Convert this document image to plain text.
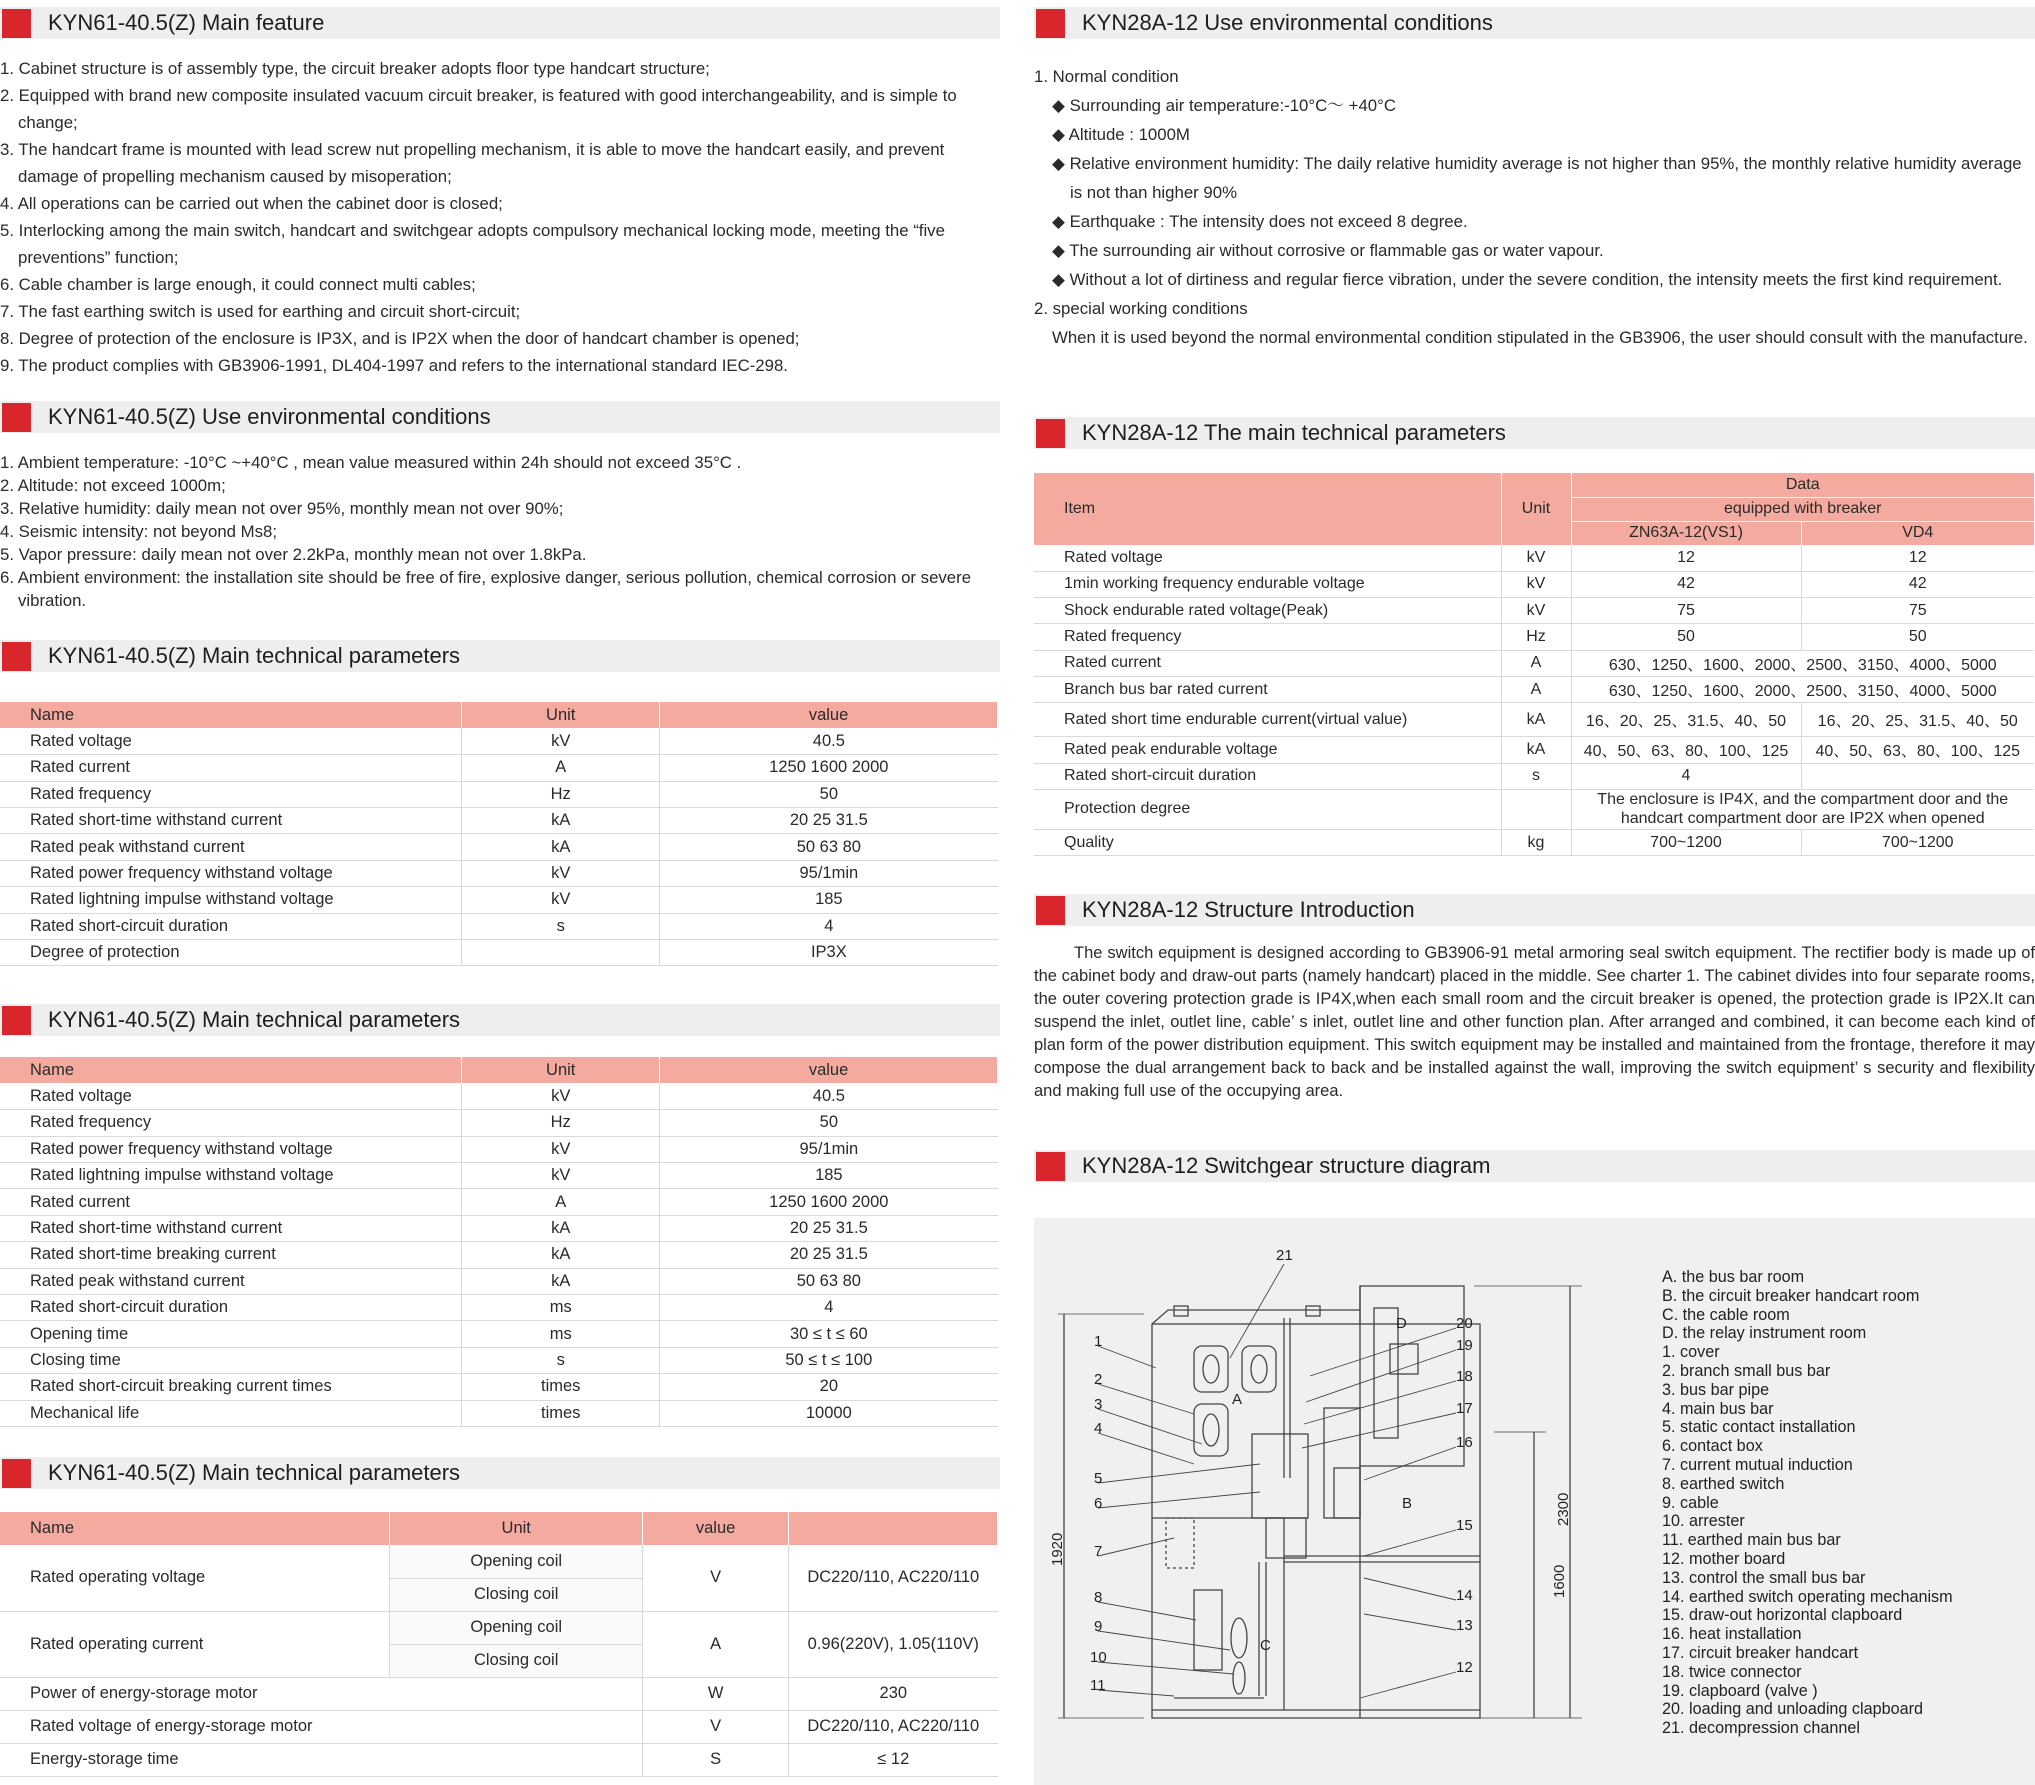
KYN61-40.5(Z) Main feature
1. Cabinet structure is of assembly type, the circuit breaker adopts floor type handcart structure;
2. Equipped with brand new composite insulated vacuum circuit breaker, is featured with good interchangeability, and is simple to change;
3. The handcart frame is mounted with lead screw nut propelling mechanism, it is able to move the handcart easily, and prevent damage of propelling mechanism caused by misoperation;
4. All operations can be carried out when the cabinet door is closed;
5. Interlocking among the main switch, handcart and switchgear adopts compulsory mechanical locking mode, meeting the “five preventions” function;
6. Cable chamber is large enough, it could connect multi cables;
7. The fast earthing switch is used for earthing and circuit short-circuit;
8. Degree of protection of the enclosure is IP3X, and is IP2X when the door of handcart chamber is opened;
9. The product complies with GB3906-1991, DL404-1997 and refers to the international standard IEC-298.
KYN61-40.5(Z) Use environmental conditions
1. Ambient temperature: -10°C ~+40°C , mean value measured within 24h should not exceed 35°C .
2. Altitude: not exceed 1000m;
3. Relative humidity: daily mean not over 95%, monthly mean not over 90%;
4. Seismic intensity: not beyond Ms8;
5. Vapor pressure: daily mean not over 2.2kPa, monthly mean not over 1.8kPa.
6. Ambient environment: the installation site should be free of fire, explosive danger, serious pollution, chemical corrosion or severe vibration.
KYN61-40.5(Z) Main technical parameters
Name	Unit	value
Rated voltage	kV	40.5
Rated current	A	1250 1600 2000
Rated frequency	Hz	50
Rated short-time withstand current	kA	20 25 31.5
Rated peak withstand current	kA	50 63 80
Rated power frequency withstand voltage	kV	95/1min
Rated lightning impulse withstand voltage	kV	185
Rated short-circuit duration	s	4
Degree of protection		IP3X
KYN61-40.5(Z) Main technical parameters
Name	Unit	value
Rated voltage	kV	40.5
Rated frequency	Hz	50
Rated power frequency withstand voltage	kV	95/1min
Rated lightning impulse withstand voltage	kV	185
Rated current	A	1250 1600 2000
Rated short-time withstand current	kA	20 25 31.5
Rated short-time breaking current	kA	20 25 31.5
Rated peak withstand current	kA	50 63 80
Rated short-circuit duration	ms	4
Opening time	ms	30 ≤ t ≤ 60
Closing time	s	50 ≤ t ≤ 100
Rated short-circuit breaking current times	times	20
Mechanical life	times	10000
KYN61-40.5(Z) Main technical parameters
Name	Unit	value	
Rated operating voltage	Opening coil	V	DC220/110, AC220/110
	Closing coil		
Rated operating current	Opening coil	A	0.96(220V), 1.05(110V)
	Closing coil		
Power of energy-storage motor		W	230
Rated voltage of energy-storage motor		V	DC220/110, AC220/110
Energy-storage time		S	≤ 12
KYN28A-12 Use environmental conditions
1. Normal condition
◆ Surrounding air temperature:-10°C～ +40°C
◆ Altitude : 1000M
◆ Relative environment humidity: The daily relative humidity average is not higher than 95%, the monthly relative humidity average is not than higher 90%
◆ Earthquake : The intensity does not exceed 8 degree.
◆ The surrounding air without corrosive or flammable gas or water vapour.
◆ Without a lot of dirtiness and regular fierce vibration, under the severe condition, the intensity meets the first kind requirement.
2. special working conditions
When it is used beyond the normal environmental condition stipulated in the GB3906, the user should consult with the manufacture.
KYN28A-12 The main technical parameters
Item	Unit	Data	
		equipped with breaker	
		ZN63A-12(VS1)	VD4
Rated voltage	kV	12	12
1min working frequency endurable voltage	kV	42	42
Shock endurable rated voltage(Peak)	kV	75	75
Rated frequency	Hz	50	50
Rated current	A	630、1250、1600、2000、2500、3150、4000、5000	
Branch bus bar rated current	A	630、1250、1600、2000、2500、3150、4000、5000	
Rated short time endurable current(virtual value)	kA	16、20、25、31.5、40、50	16、20、25、31.5、40、50
Rated peak endurable voltage	kA	40、50、63、80、100、125	40、50、63、80、100、125
Rated short-circuit duration	s	4	
Protection degree		The enclosure is IP4X, and the compartment door and the handcart compartment door are IP2X when opened	
Quality	kg	700~1200	700~1200
KYN28A-12 Structure Introduction
The switch equipment is designed according to GB3906-91 metal armoring seal switch equipment. The rectifier body is made up of the cabinet body and draw-out parts (namely handcart) placed in the middle. See charter 1. The cabinet divides into four separate rooms, the outer covering protection grade is IP4X,when each small room and the circuit breaker is opened, the protection grade is IP2X.It can suspend the inlet, outlet line, cable’ s inlet, outlet line and other function plan. After arranged and combined, it can become each kind of plan form of the power distribution equipment. This switch equipment may be installed and maintained from the frontage, therefore it may compose the dual arrangement back to back and be installed against the wall, improving the switch equipment’ s security and flexibility and making full use of the occupying area.
KYN28A-12 Switchgear structure diagram
21
1
2
3
4
5
6
7
8
9
10
11
20
19
18
17
16
15
14
13
12
A
B
C
D
1920
2300
1600
A. the bus bar room
B. the circuit breaker handcart room
C. the cable room
D. the relay instrument room
1. cover
2. branch small bus bar
3. bus bar pipe
4. main bus bar
5. static contact installation
6. contact box
7. current mutual induction
8. earthed switch
9. cable
10. arrester
11. earthed main bus bar
12. mother board
13. control the small bus bar
14. earthed switch operating mechanism
15. draw-out horizontal clapboard
16. heat installation
17. circuit breaker handcart
18. twice connector
19. clapboard (valve )
20. loading and unloading clapboard
21. decompression channel
